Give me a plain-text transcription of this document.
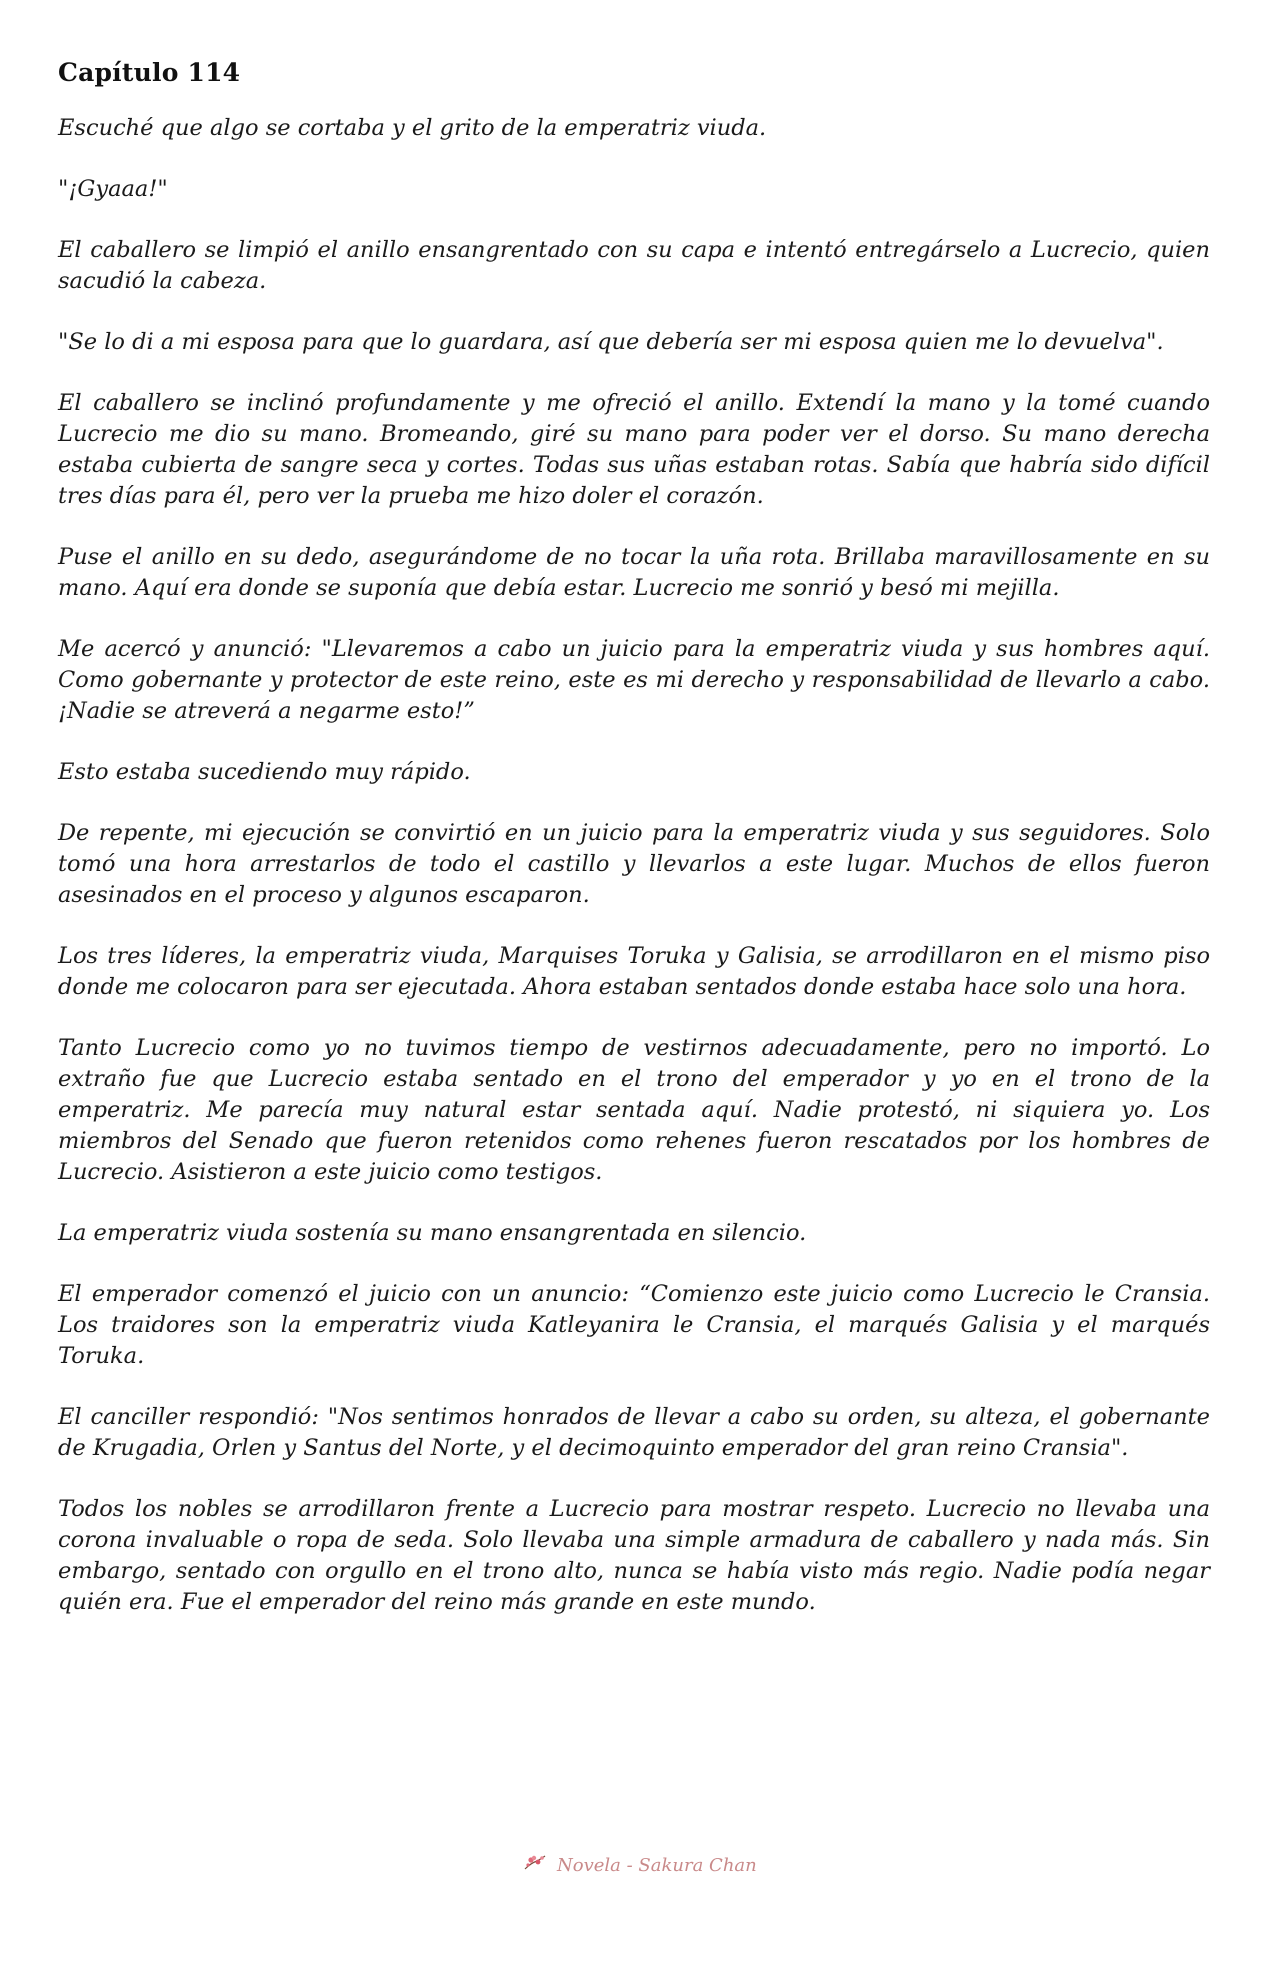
Capítulo 114

Escuché que algo se cortaba y el grito de la emperatriz viuda.

"¡Gyaaa!"

El caballero se limpió el anillo ensangrentado con su capa e intentó entregárselo a Lucrecio, quien sacudió la cabeza.

"Se lo di a mi esposa para que lo guardara, así que debería ser mi esposa quien me lo devuelva".

El caballero se inclinó profundamente y me ofreció el anillo. Extendí la mano y la tomé cuando Lucrecio me dio su mano. Bromeando, giré su mano para poder ver el dorso. Su mano derecha estaba cubierta de sangre seca y cortes. Todas sus uñas estaban rotas. Sabía que habría sido difícil tres días para él, pero ver la prueba me hizo doler el corazón.

Puse el anillo en su dedo, asegurándome de no tocar la uña rota. Brillaba maravillosamente en su mano. Aquí era donde se suponía que debía estar. Lucrecio me sonrió y besó mi mejilla.

Me acercó y anunció: "Llevaremos a cabo un juicio para la emperatriz viuda y sus hombres aquí. Como gobernante y protector de este reino, este es mi derecho y responsabilidad de llevarlo a cabo. ¡Nadie se atreverá a negarme esto!”

Esto estaba sucediendo muy rápido.

De repente, mi ejecución se convirtió en un juicio para la emperatriz viuda y sus seguidores. Solo tomó una hora arrestarlos de todo el castillo y llevarlos a este lugar. Muchos de ellos fueron asesinados en el proceso y algunos escaparon.

Los tres líderes, la emperatriz viuda, Marquises Toruka y Galisia, se arrodillaron en el mismo piso donde me colocaron para ser ejecutada. Ahora estaban sentados donde estaba hace solo una hora.

Tanto Lucrecio como yo no tuvimos tiempo de vestirnos adecuadamente, pero no importó. Lo extraño fue que Lucrecio estaba sentado en el trono del emperador y yo en el trono de la emperatriz. Me parecía muy natural estar sentada aquí. Nadie protestó, ni siquiera yo. Los miembros del Senado que fueron retenidos como rehenes fueron rescatados por los hombres de Lucrecio. Asistieron a este juicio como testigos.

La emperatriz viuda sostenía su mano ensangrentada en silencio.

El emperador comenzó el juicio con un anuncio: “Comienzo este juicio como Lucrecio le Cransia. Los traidores son la emperatriz viuda Katleyanira le Cransia, el marqués Galisia y el marqués Toruka.

El canciller respondió: "Nos sentimos honrados de llevar a cabo su orden, su alteza, el gobernante de Krugadia, Orlen y Santus del Norte, y el decimoquinto emperador del gran reino Cransia".

Todos los nobles se arrodillaron frente a Lucrecio para mostrar respeto. Lucrecio no llevaba una corona invaluable o ropa de seda. Solo llevaba una simple armadura de caballero y nada más. Sin embargo, sentado con orgullo en el trono alto, nunca se había visto más regio. Nadie podía negar quién era. Fue el emperador del reino más grande en este mundo.

Novela - Sakura Chan
